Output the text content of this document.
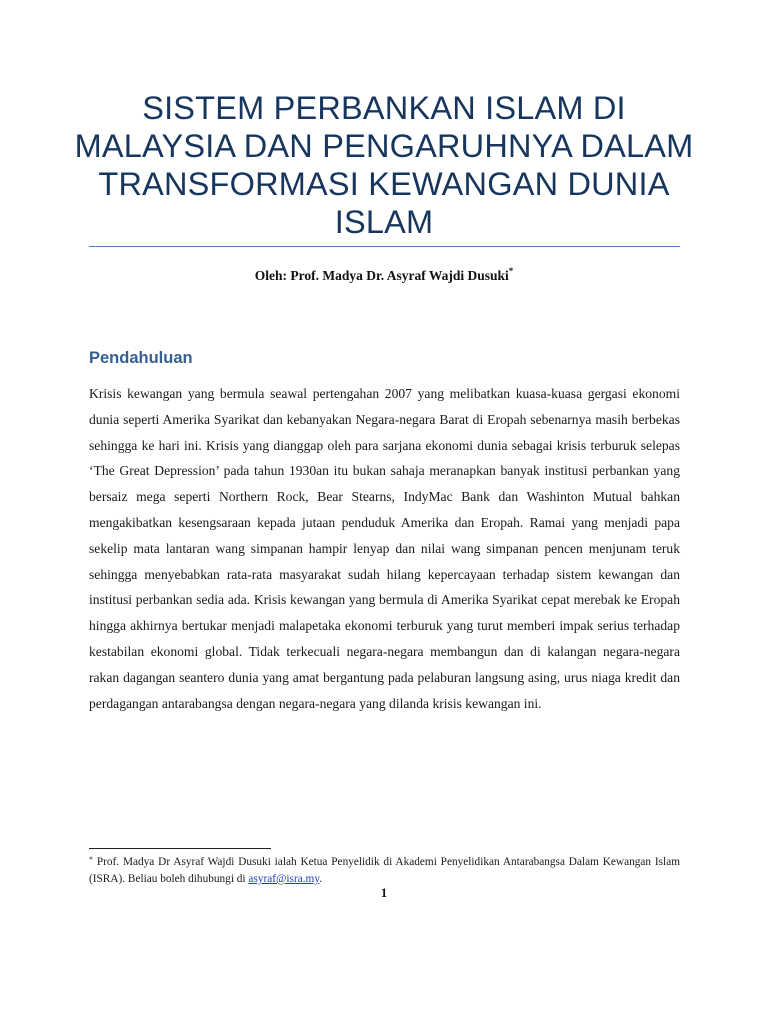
SISTEM PERBANKAN ISLAM DI MALAYSIA DAN PENGARUHNYA DALAM TRANSFORMASI KEWANGAN DUNIA ISLAM
Oleh: Prof. Madya Dr. Asyraf Wajdi Dusuki*
Pendahuluan

Krisis kewangan yang bermula seawal pertengahan 2007 yang melibatkan kuasa-kuasa gergasi ekonomi dunia seperti Amerika Syarikat dan kebanyakan Negara-negara Barat di Eropah sebenarnya masih berbekas sehingga ke hari ini. Krisis yang dianggap oleh para sarjana ekonomi dunia sebagai krisis terburuk selepas ‘The Great Depression’ pada tahun 1930an itu bukan sahaja meranapkan banyak institusi perbankan yang bersaiz mega seperti Northern Rock, Bear Stearns, IndyMac Bank dan Washinton Mutual bahkan mengakibatkan kesengsaraan kepada jutaan penduduk Amerika dan Eropah. Ramai yang menjadi papa sekelip mata lantaran wang simpanan hampir lenyap dan nilai wang simpanan pencen menjunam teruk sehingga menyebabkan rata-rata masyarakat sudah hilang kepercayaan terhadap sistem kewangan dan institusi perbankan sedia ada. Krisis kewangan yang bermula di Amerika Syarikat cepat merebak ke Eropah hingga akhirnya bertukar menjadi malapetaka ekonomi terburuk yang turut memberi impak serius terhadap kestabilan ekonomi global. Tidak terkecuali negara-negara membangun dan di kalangan negara-negara rakan dagangan seantero dunia yang amat bergantung pada pelaburan langsung asing, urus niaga kredit dan perdagangan antarabangsa dengan negara-negara yang dilanda krisis kewangan ini.

* Prof. Madya Dr Asyraf Wajdi Dusuki ialah Ketua Penyelidik di Akademi Penyelidikan Antarabangsa Dalam Kewangan Islam (ISRA). Beliau boleh dihubungi di asyraf@isra.my.

1
